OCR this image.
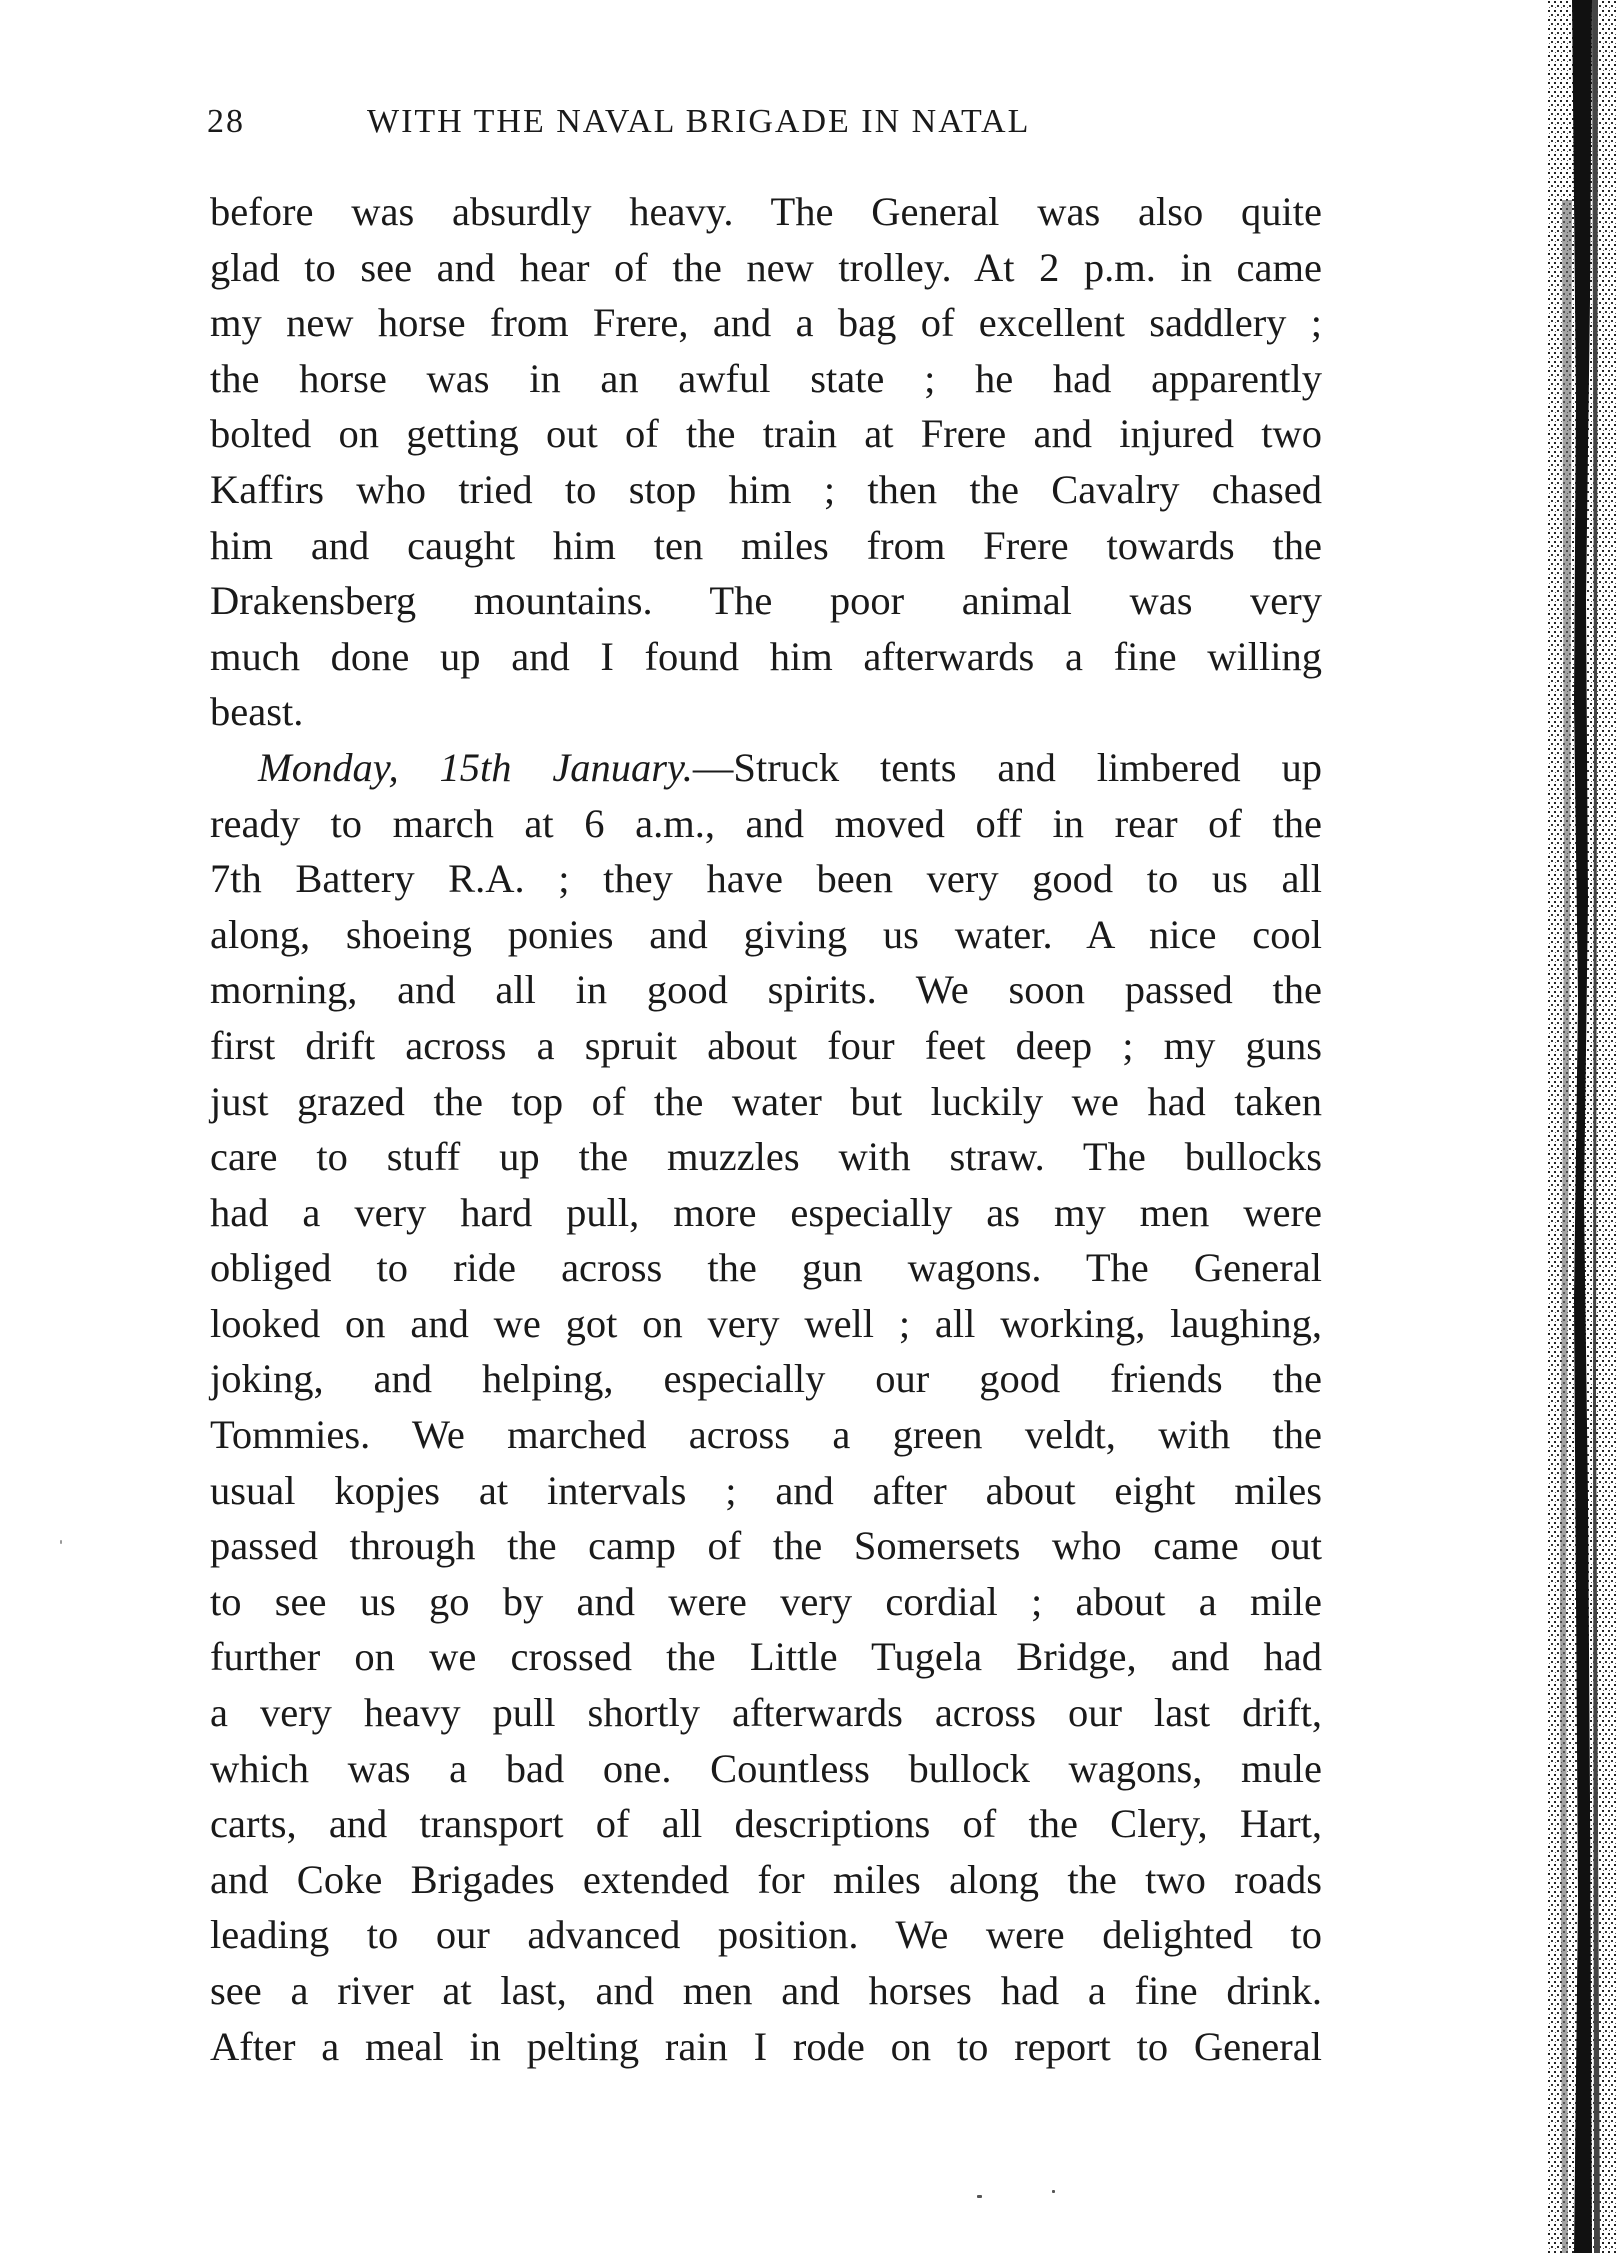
28	WITH THE NAVAL BRIGADE IN NATAL
before was absurdly heavy. The General was also quite
glad to see and hear of the new trolley. At 2 p.m. in came
my new horse from Frere, and a bag of excellent saddlery ;
the horse was in an awful state ; he had apparently
bolted on getting out of the train at Frere and injured two
Kaffirs who tried to stop him ; then the Cavalry chased
him and caught him ten miles from Frere towards the
Drakensberg mountains. The poor animal was very
much done up and I found him afterwards a fine willing
beast.
Monday, 15th January.—Struck tents and limbered up
ready to march at 6 a.m., and moved off in rear of the
7th Battery R.A. ; they have been very good to us all
along, shoeing ponies and giving us water. A nice cool
morning, and all in good spirits. We soon passed the
first drift across a spruit about four feet deep ; my guns
just grazed the top of the water but luckily we had taken
care to stuff up the muzzles with straw. The bullocks
had a very hard pull, more especially as my men were
obliged to ride across the gun wagons. The General
looked on and we got on very well ; all working, laughing,
joking, and helping, especially our good friends the
Tommies. We marched across a green veldt, with the
usual kopjes at intervals ; and after about eight miles
passed through the camp of the Somersets who came out
to see us go by and were very cordial ; about a mile
further on we crossed the Little Tugela Bridge, and had
a very heavy pull shortly afterwards across our last drift,
which was a bad one. Countless bullock wagons, mule
carts, and transport of all descriptions of the Clery, Hart,
and Coke Brigades extended for miles along the two roads
leading to our advanced position. We were delighted to
see a river at last, and men and horses had a fine drink.
After a meal in pelting rain I rode on to report to General
